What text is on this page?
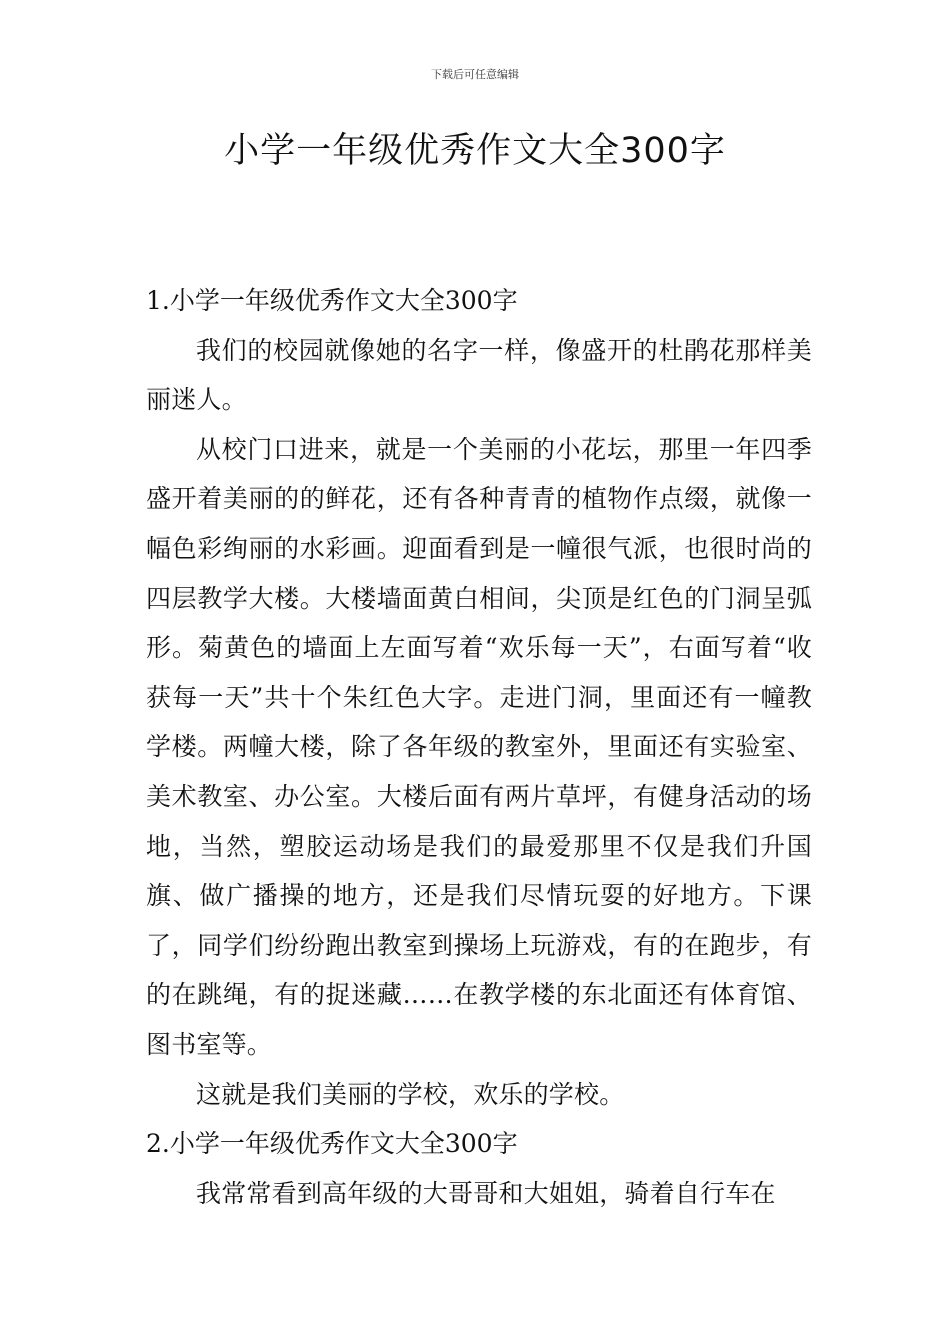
下载后可任意编辑
小学一年级优秀作文大全300字
1.小学一年级优秀作文大全300字

我们的校园就像她的名字一样，像盛开的杜鹃花那样美丽迷人。

从校门口进来，就是一个美丽的小花坛，那里一年四季盛开着美丽的的鲜花，还有各种青青的植物作点缀，就像一幅色彩绚丽的水彩画。迎面看到是一幢很气派，也很时尚的四层教学大楼。大楼墙面黄白相间，尖顶是红色的门洞呈弧形。菊黄色的墙面上左面写着“欢乐每一天”，右面写着“收获每一天”共十个朱红色大字。走进门洞，里面还有一幢教学楼。两幢大楼，除了各年级的教室外，里面还有实验室、美术教室、办公室。大楼后面有两片草坪，有健身活动的场地，当然，塑胶运动场是我们的最爱那里不仅是我们升国旗、做广播操的地方，还是我们尽情玩耍的好地方。下课了，同学们纷纷跑出教室到操场上玩游戏，有的在跑步，有的在跳绳，有的捉迷藏……在教学楼的东北面还有体育馆、图书室等。

这就是我们美丽的学校，欢乐的学校。

2.小学一年级优秀作文大全300字

我常常看到高年级的大哥哥和大姐姐，骑着自行车在
